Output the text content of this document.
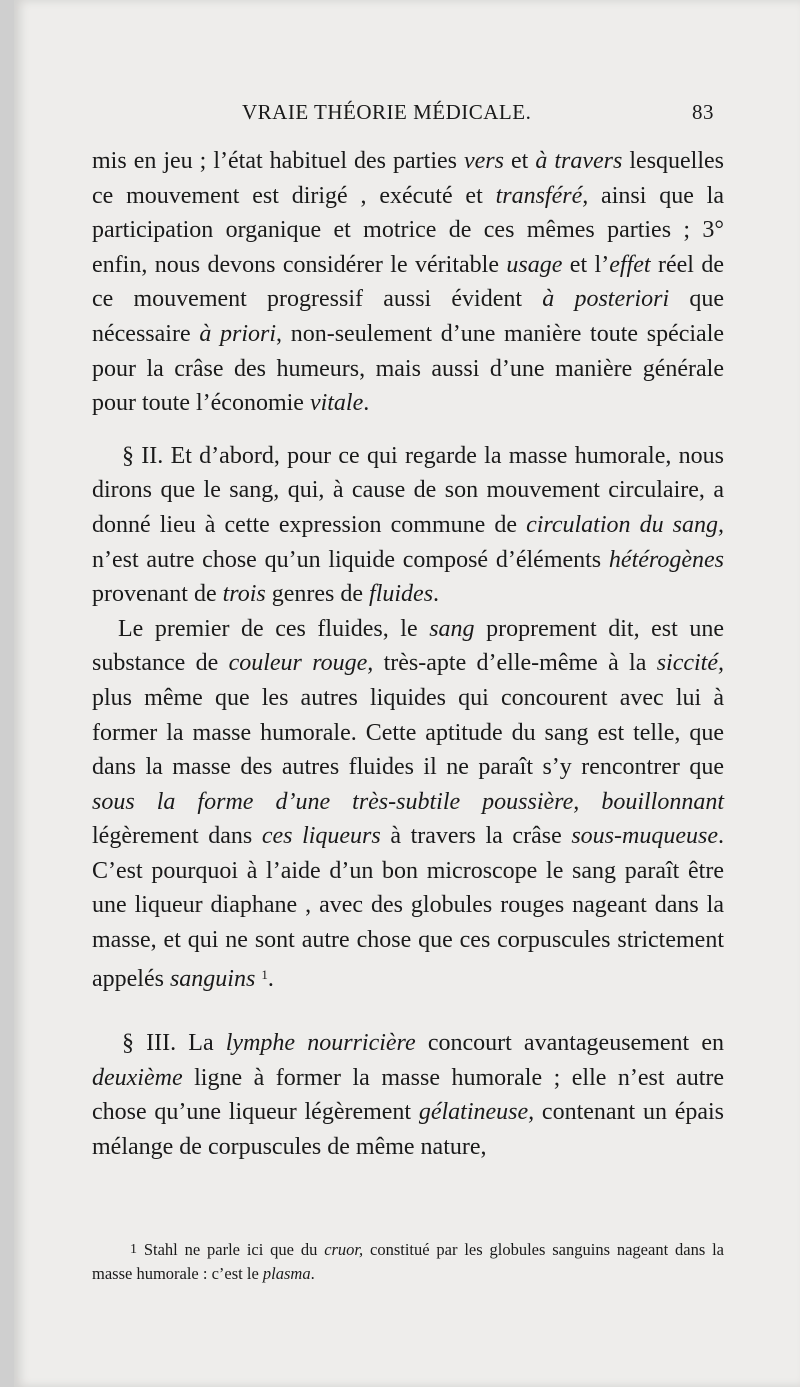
VRAIE THÉORIE MÉDICALE.	83

mis en jeu ; l’état habituel des parties vers et à travers lesquelles ce mouvement est dirigé , exécuté et transféré, ainsi que la participation organique et motrice de ces mêmes parties ; 3° enfin, nous devons considérer le véritable usage et l’effet réel de ce mouvement progressif aussi évident à posteriori que nécessaire à priori, non-seulement d’une manière toute spéciale pour la crâse des humeurs, mais aussi d’une manière générale pour toute l’économie vitale.

§ II. Et d’abord, pour ce qui regarde la masse humorale, nous dirons que le sang, qui, à cause de son mouvement circulaire, a donné lieu à cette expression commune de circulation du sang, n’est autre chose qu’un liquide composé d’éléments hétérogènes provenant de trois genres de fluides.

Le premier de ces fluides, le sang proprement dit, est une substance de couleur rouge, très-apte d’elle-même à la siccité, plus même que les autres liquides qui concourent avec lui à former la masse humorale. Cette aptitude du sang est telle, que dans la masse des autres fluides il ne paraît s’y rencontrer que sous la forme d’une très-subtile poussière, bouillonnant légèrement dans ces liqueurs à travers la crâse sous-muqueuse. C’est pourquoi à l’aide d’un bon microscope le sang paraît être une liqueur diaphane , avec des globules rouges nageant dans la masse, et qui ne sont autre chose que ces corpuscules strictement appelés sanguins $^1$.

§ III. La lymphe nourricière concourt avantageusement en deuxième ligne à former la masse humorale ; elle n’est autre chose qu’une liqueur légèrement gélatineuse, contenant un épais mélange de corpuscules de même nature,

1 Stahl ne parle ici que du cruor, constitué par les globules sanguins nageant dans la masse humorale : c’est le plasma.
